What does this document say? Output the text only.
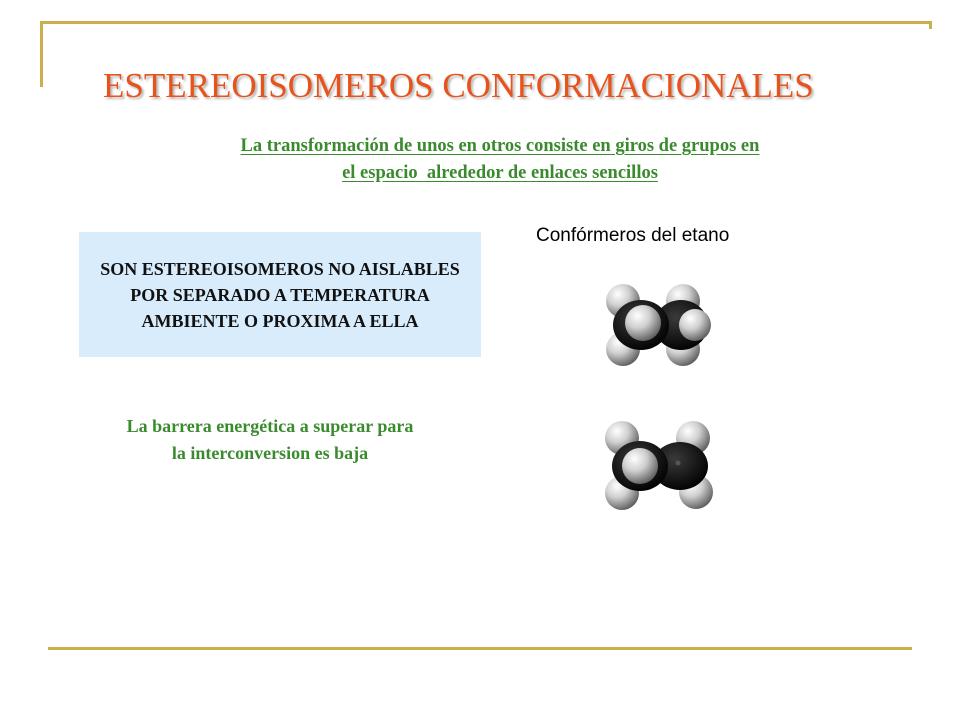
ESTEREOISOMEROS CONFORMACIONALES
La transformación de unos en otros consiste en giros de grupos en
el espacio  alrededor de enlaces sencillos
Confórmeros del etano
SON ESTEREOISOMEROS NO AISLABLES POR SEPARADO A TEMPERATURA AMBIENTE O PROXIMA A ELLA
La barrera energética a superar para
la interconversion es baja
